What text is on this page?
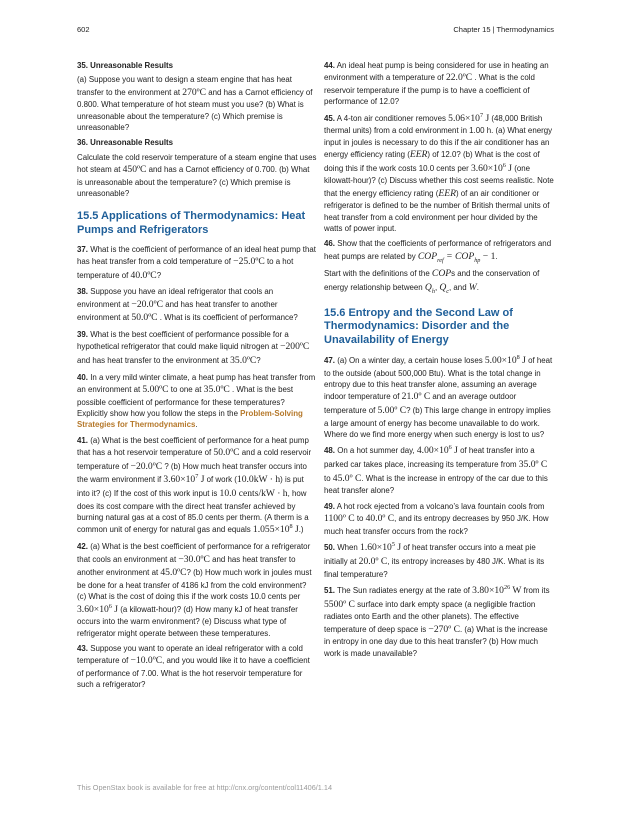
602	Chapter 15 | Thermodynamics

35. Unreasonable Results

(a) Suppose you want to design a steam engine that has heat transfer to the environment at 270ºC and has a Carnot efficiency of 0.800. What temperature of hot steam must you use? (b) What is unreasonable about the temperature? (c) Which premise is unreasonable?

36. Unreasonable Results

Calculate the cold reservoir temperature of a steam engine that uses hot steam at 450ºC and has a Carnot efficiency of 0.700. (b) What is unreasonable about the temperature? (c) Which premise is unreasonable?

15.5 Applications of Thermodynamics: Heat Pumps and Refrigerators

37. What is the coefficient of performance of an ideal heat pump that has heat transfer from a cold temperature of −25.0ºC to a hot temperature of 40.0ºC?

38. Suppose you have an ideal refrigerator that cools an environment at −20.0ºC and has heat transfer to another environment at 50.0ºC . What is its coefficient of performance?

39. What is the best coefficient of performance possible for a hypothetical refrigerator that could make liquid nitrogen at −200ºC and has heat transfer to the environment at 35.0ºC?

40. In a very mild winter climate, a heat pump has heat transfer from an environment at 5.00ºC to one at 35.0ºC . What is the best possible coefficient of performance for these temperatures? Explicitly show how you follow the steps in the Problem-Solving Strategies for Thermodynamics.

41. (a) What is the best coefficient of performance for a heat pump that has a hot reservoir temperature of 50.0ºC and a cold reservoir temperature of −20.0ºC ? (b) How much heat transfer occurs into the warm environment if $3.60\times 10^7$ J of work (10.0kW · h) is put into it? (c) If the cost of this work input is 10.0 cents/kW · h, how does its cost compare with the direct heat transfer achieved by burning natural gas at a cost of 85.0 cents per therm. (A therm is a common unit of energy for natural gas and equals $1.055\times 10^8$ J.)

42. (a) What is the best coefficient of performance for a refrigerator that cools an environment at −30.0ºC and has heat transfer to another environment at 45.0ºC? (b) How much work in joules must be done for a heat transfer of 4186 kJ from the cold environment? (c) What is the cost of doing this if the work costs 10.0 cents per $3.60\times 10^6$ J (a kilowatt-hour)? (d) How many kJ of heat transfer occurs into the warm environment? (e) Discuss what type of refrigerator might operate between these temperatures.

43. Suppose you want to operate an ideal refrigerator with a cold temperature of −10.0ºC, and you would like it to have a coefficient of performance of 7.00. What is the hot reservoir temperature for such a refrigerator?

44. An ideal heat pump is being considered for use in heating an environment with a temperature of 22.0ºC . What is the cold reservoir temperature if the pump is to have a coefficient of performance of 12.0?

45. A 4-ton air conditioner removes $5.06\times 10^7$ J (48,000 British thermal units) from a cold environment in 1.00 h. (a) What energy input in joules is necessary to do this if the air conditioner has an energy efficiency rating (EER) of 12.0? (b) What is the cost of doing this if the work costs 10.0 cents per $3.60\times 10^6$ J (one kilowatt-hour)? (c) Discuss whether this cost seems realistic. Note that the energy efficiency rating (EER) of an air conditioner or refrigerator is defined to be the number of British thermal units of heat transfer from a cold environment per hour divided by the watts of power input.

46. Show that the coefficients of performance of refrigerators and heat pumps are related by $COP_{ref} = COP_{hp} - 1$.

Start with the definitions of the COPs and the conservation of energy relationship between $Q_h$, $Q_c$, and W.

15.6 Entropy and the Second Law of Thermodynamics: Disorder and the Unavailability of Energy

47. (a) On a winter day, a certain house loses $5.00\times 10^8$ J of heat to the outside (about 500,000 Btu). What is the total change in entropy due to this heat transfer alone, assuming an average indoor temperature of 21.0º C and an average outdoor temperature of 5.00º C? (b) This large change in entropy implies a large amount of energy has become unavailable to do work. Where do we find more energy when such energy is lost to us?

48. On a hot summer day, $4.00\times 10^6$ J of heat transfer into a parked car takes place, increasing its temperature from 35.0º C to 45.0º C. What is the increase in entropy of the car due to this heat transfer alone?

49. A hot rock ejected from a volcano’s lava fountain cools from 1100º C to 40.0º C, and its entropy decreases by 950 J/K. How much heat transfer occurs from the rock?

50. When $1.60\times 10^5$ J of heat transfer occurs into a meat pie initially at 20.0º C, its entropy increases by 480 J/K. What is its final temperature?

51. The Sun radiates energy at the rate of $3.80\times 10^{26}$ W from its 5500º C surface into dark empty space (a negligible fraction radiates onto Earth and the other planets). The effective temperature of deep space is −270º C. (a) What is the increase in entropy in one day due to this heat transfer? (b) How much work is made unavailable?

This OpenStax book is available for free at http://cnx.org/content/col11406/1.14
